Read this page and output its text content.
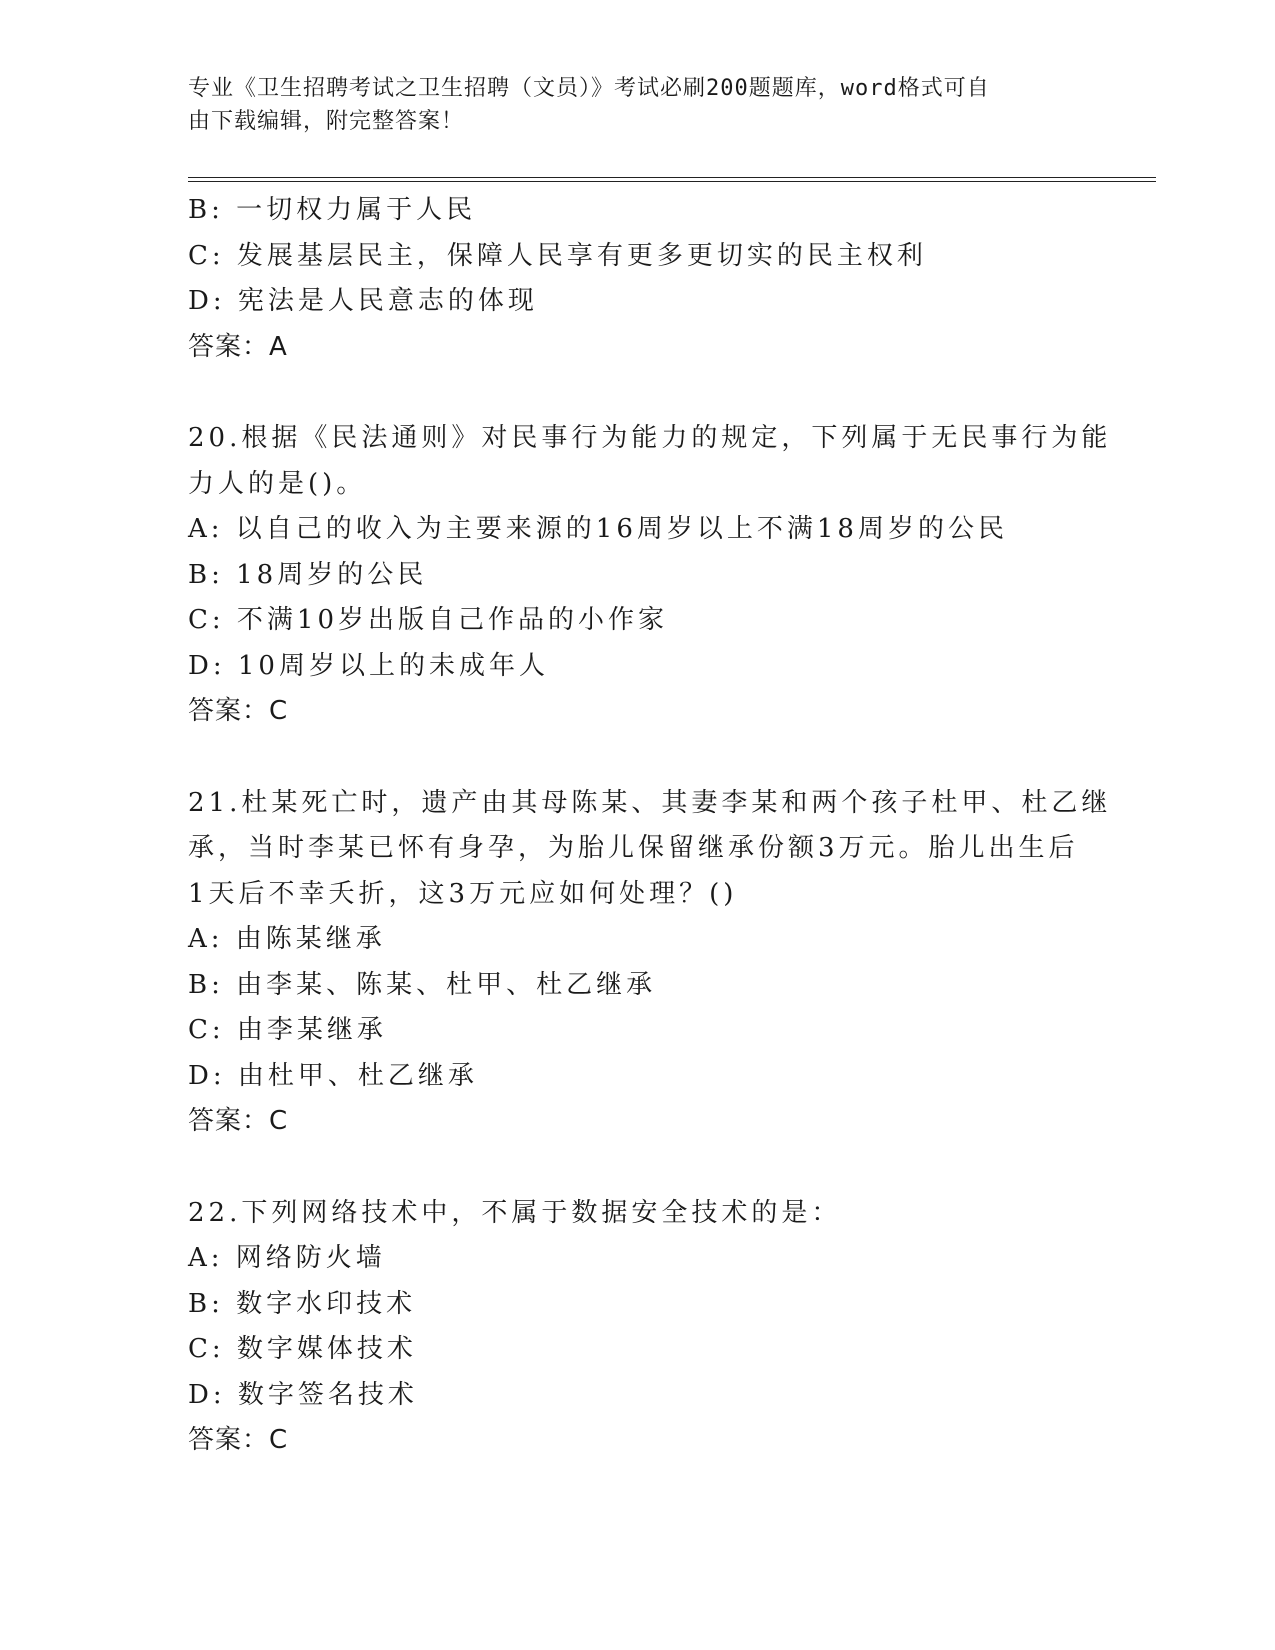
专业《卫生招聘考试之卫生招聘（文员）》考试必刷200题题库，word格式可自
由下载编辑，附完整答案！
B: 一切权力属于人民
C: 发展基层民主，保障人民享有更多更切实的民主权利
D: 宪法是人民意志的体现
答案：A
20.根据《民法通则》对民事行为能力的规定，下列属于无民事行为能
力人的是()。
A: 以自己的收入为主要来源的16周岁以上不满18周岁的公民
B: 18周岁的公民
C: 不满10岁出版自己作品的小作家
D: 10周岁以上的未成年人
答案：C
21.杜某死亡时，遗产由其母陈某、其妻李某和两个孩子杜甲、杜乙继
承，当时李某已怀有身孕，为胎儿保留继承份额3万元。胎儿出生后
1天后不幸夭折，这3万元应如何处理？()
A: 由陈某继承
B: 由李某、陈某、杜甲、杜乙继承
C: 由李某继承
D: 由杜甲、杜乙继承
答案：C
22.下列网络技术中，不属于数据安全技术的是：
A: 网络防火墙
B: 数字水印技术
C: 数字媒体技术
D: 数字签名技术
答案：C
